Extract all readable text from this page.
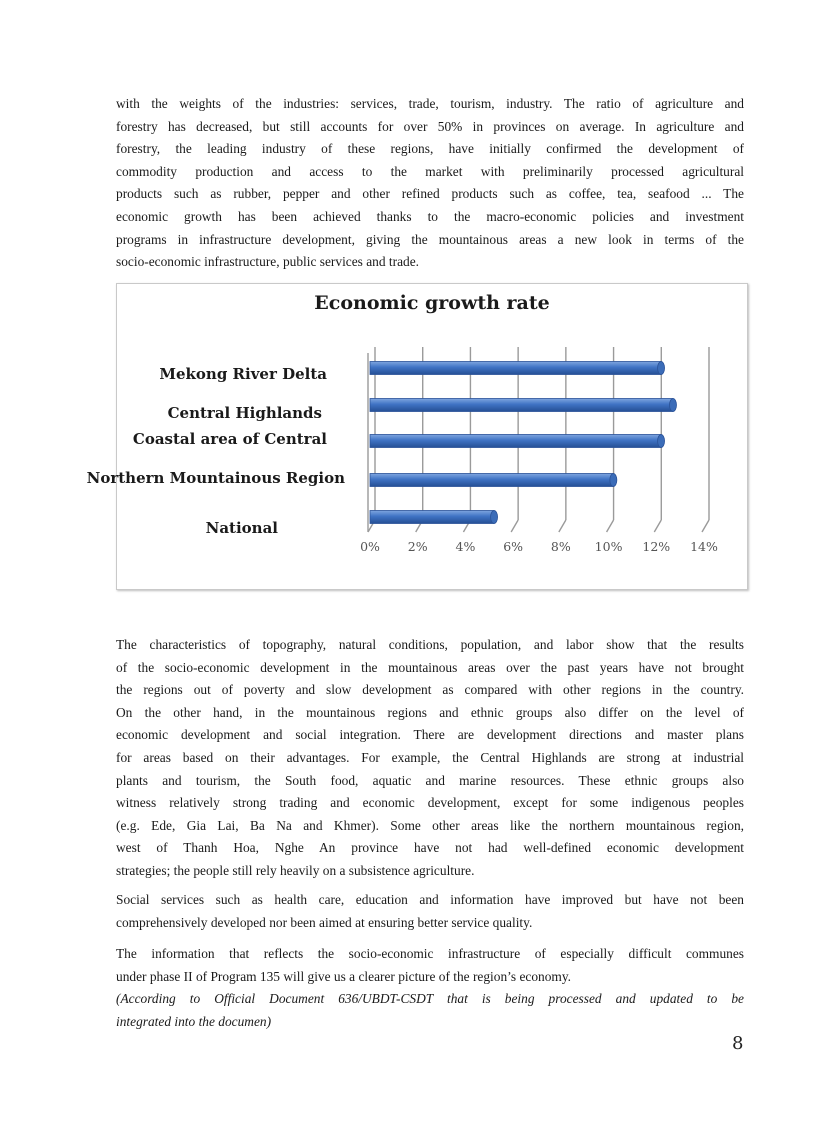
with the weights of the industries: services, trade, tourism, industry. The ratio of agriculture and
forestry has decreased, but still accounts for over 50% in provinces on average. In agriculture and
forestry, the leading industry of these regions, have initially confirmed the development of
commodity production and access to the market with preliminarily processed agricultural
products such as rubber, pepper and other refined products such as coffee, tea, seafood ... The
economic growth has been achieved thanks to the macro-economic policies and investment
programs in infrastructure development, giving the mountainous areas a new look in terms of the
socio-economic infrastructure, public services and trade.
Economic growth rate
0% 2% 4% 6% 8% 10% 12% 14%
Mekong River Delta
Central Highlands
Coastal area of Central
Northern Mountainous Region
National
The characteristics of topography, natural conditions, population, and labor show that the results
of the socio-economic development in the mountainous areas over the past years have not brought
the regions out of poverty and slow development as compared with other regions in the country.
On the other hand, in the mountainous regions and ethnic groups also differ on the level of
economic development and social integration. There are development directions and master plans
for areas based on their advantages. For example, the Central Highlands are strong at industrial
plants and tourism, the South food, aquatic and marine resources. These ethnic groups also
witness relatively strong trading and economic development, except for some indigenous peoples
(e.g. Ede, Gia Lai, Ba Na and Khmer). Some other areas like the northern mountainous region,
west of Thanh Hoa, Nghe An province have not had well-defined economic development
strategies; the people still rely heavily on a subsistence agriculture.
Social services such as health care, education and information have improved but have not been
comprehensively developed nor been aimed at ensuring better service quality.
The information that reflects the socio-economic infrastructure of especially difficult communes
under phase II of Program 135 will give us a clearer picture of the region’s economy.
(According to Official Document 636/UBDT-CSDT that is being processed and updated to be
integrated into the documen)
8
